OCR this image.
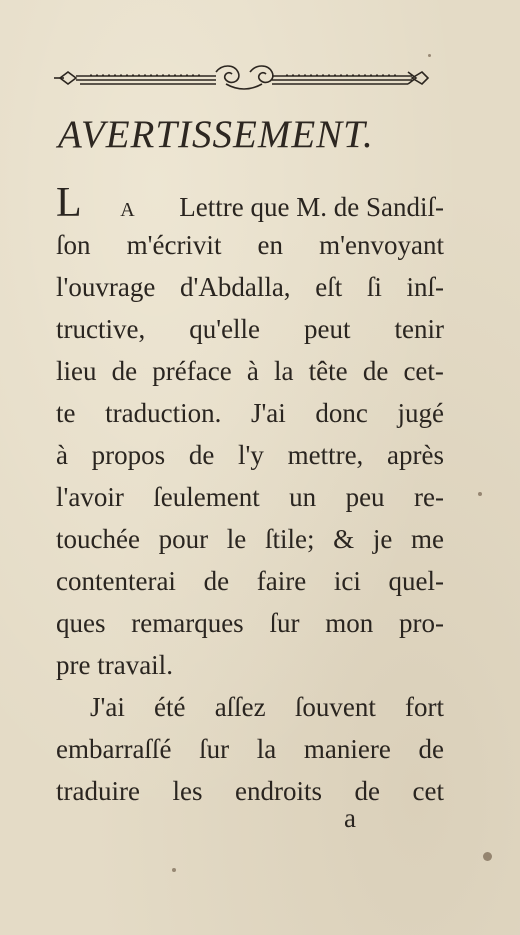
AVERTISSEMENT.
L A Lettre que M. de Sandiſ-
ſon m'écrivit en m'envoyant
l'ouvrage d'Abdalla, eſt ſi inſ-
tructive, qu'elle peut tenir
lieu de préface à la tête de cet-
te traduction. J'ai donc jugé
à propos de l'y mettre, après
l'avoir ſeulement un peu re-
touchée pour le ſtile; & je me
contenterai de faire ici quel-
ques remarques ſur mon pro-
pre travail.
J'ai été aſſez ſouvent fort
embarraſſé ſur la maniere de
traduire les endroits de cet
a
